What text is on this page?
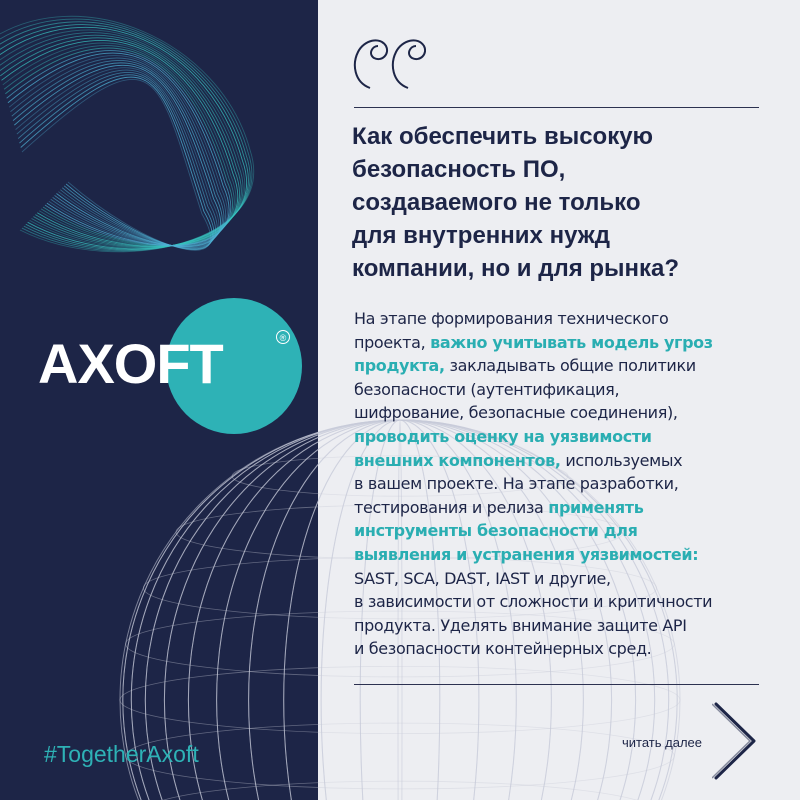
AXOFT	®
#TogetherAxoft
Как обеспечить высокую
безопасность ПО,
создаваемого не только
для внутренних нужд
компании, но и для рынка?

На этапе формирования технического
проекта, важно учитывать модель угроз
продукта, закладывать общие политики
безопасности (аутентификация,
шифрование, безопасные соединения),
проводить оценку на уязвимости
внешних компонентов, используемых
в вашем проекте. На этапе разработки,
тестирования и релиза применять
инструменты безопасности для
выявления и устранения уязвимостей:
SAST, SCA, DAST, IAST и другие,
в зависимости от сложности и критичности
продукта. Уделять внимание защите API
и безопасности контейнерных сред.

читать далее
